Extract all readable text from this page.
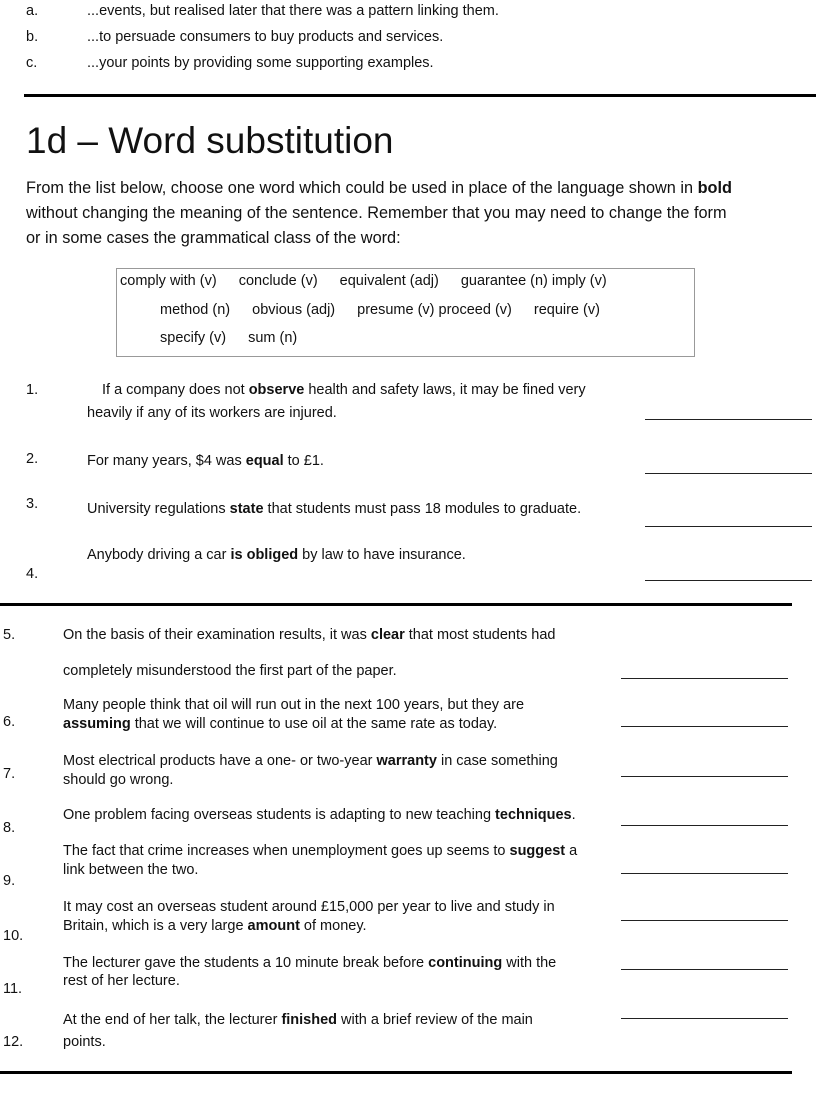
a.	...events, but realised later that there was a pattern linking them.
b.	...to persuade consumers to buy products and services.
c.	...your points by providing some supporting examples.
1d – Word substitution
From the list below, choose one word which could be used in place of the language shown in bold
without changing the meaning of the sentence. Remember that you may need to change the form
or in some cases the grammatical class of the word:
comply with (v) conclude (v) equivalent (adj) guarantee (n) imply (v)
method (n) obvious (adj) presume (v) proceed (v) require (v)
specify (v) sum (n)
1.	If a company does not observe health and safety laws, it may be fined very
heavily if any of its workers are injured.
2.	For many years, $4 was equal to £1.
3.	University regulations state that students must pass 18 modules to graduate.
Anybody driving a car is obliged by law to have insurance.
4.
5.	On the basis of their examination results, it was clear that most students had
completely misunderstood the first part of the paper.
Many people think that oil will run out in the next 100 years, but they are
6.	assuming that we will continue to use oil at the same rate as today.
Most electrical products have a one- or two-year warranty in case something
7.	should go wrong.
One problem facing overseas students is adapting to new teaching techniques.
8.
The fact that crime increases when unemployment goes up seems to suggest a
link between the two.
9.
It may cost an overseas student around £15,000 per year to live and study in
Britain, which is a very large amount of money.
10.
The lecturer gave the students a 10 minute break before continuing with the
rest of her lecture.
11.
At the end of her talk, the lecturer finished with a brief review of the main
12.	points.
